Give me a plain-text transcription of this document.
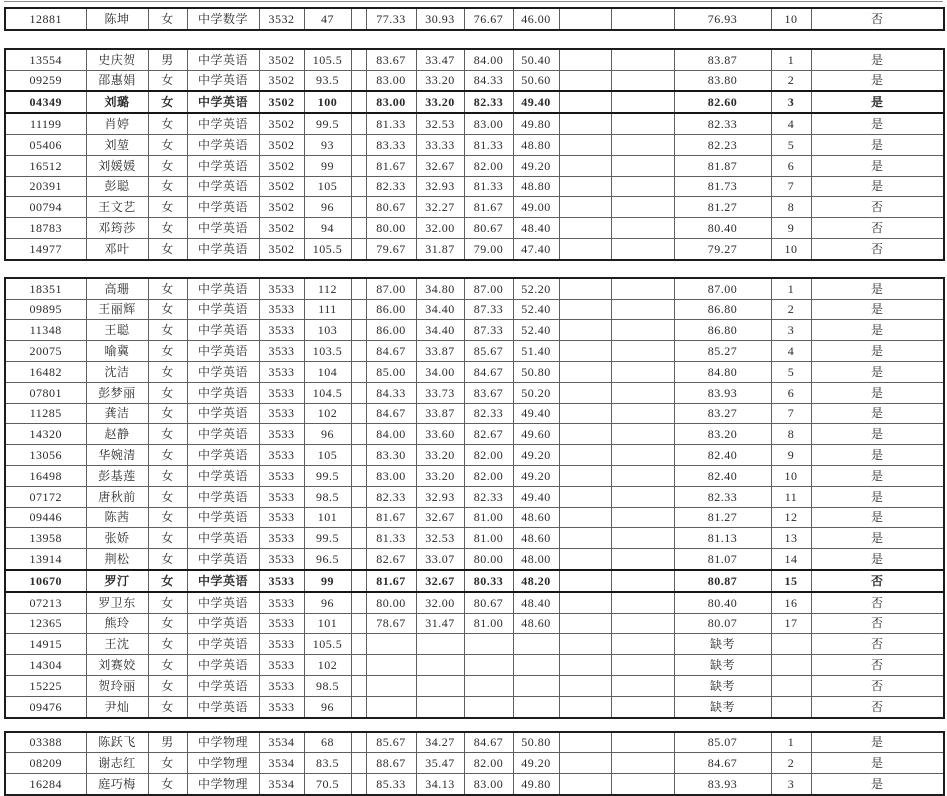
12881	陈坤	女	中学数学	3532	47		77.33	30.93	76.67	46.00			76.93	10	否
13554	史庆贺	男	中学英语	3502	105.5		83.67	33.47	84.00	50.40			83.87	1	是
09259	邵惠娟	女	中学英语	3502	93.5		83.00	33.20	84.33	50.60			83.80	2	是
04349	刘璐	女	中学英语	3502	100		83.00	33.20	82.33	49.40			82.60	3	是
11199	肖婷	女	中学英语	3502	99.5		81.33	32.53	83.00	49.80			82.33	4	是
05406	刘堃	女	中学英语	3502	93		83.33	33.33	81.33	48.80			82.23	5	是
16512	刘媛媛	女	中学英语	3502	99		81.67	32.67	82.00	49.20			81.87	6	是
20391	彭聪	女	中学英语	3502	105		82.33	32.93	81.33	48.80			81.73	7	是
00794	王文艺	女	中学英语	3502	96		80.67	32.27	81.67	49.00			81.27	8	否
18783	邓筠莎	女	中学英语	3502	94		80.00	32.00	80.67	48.40			80.40	9	否
14977	邓叶	女	中学英语	3502	105.5		79.67	31.87	79.00	47.40			79.27	10	否
18351	高珊	女	中学英语	3533	112		87.00	34.80	87.00	52.20			87.00	1	是
09895	王丽辉	女	中学英语	3533	111		86.00	34.40	87.33	52.40			86.80	2	是
11348	王聪	女	中学英语	3533	103		86.00	34.40	87.33	52.40			86.80	3	是
20075	喻冀	女	中学英语	3533	103.5		84.67	33.87	85.67	51.40			85.27	4	是
16482	沈洁	女	中学英语	3533	104		85.00	34.00	84.67	50.80			84.80	5	是
07801	彭梦丽	女	中学英语	3533	104.5		84.33	33.73	83.67	50.20			83.93	6	是
11285	龚洁	女	中学英语	3533	102		84.67	33.87	82.33	49.40			83.27	7	是
14320	赵静	女	中学英语	3533	96		84.00	33.60	82.67	49.60			83.20	8	是
13056	华婉清	女	中学英语	3533	105		83.30	33.20	82.00	49.20			82.40	9	是
16498	彭基莲	女	中学英语	3533	99.5		83.00	33.20	82.00	49.20			82.40	10	是
07172	唐秋前	女	中学英语	3533	98.5		82.33	32.93	82.33	49.40			82.33	11	是
09446	陈茜	女	中学英语	3533	101		81.67	32.67	81.00	48.60			81.27	12	是
13958	张娇	女	中学英语	3533	99.5		81.33	32.53	81.00	48.60			81.13	13	是
13914	荆松	女	中学英语	3533	96.5		82.67	33.07	80.00	48.00			81.07	14	是
10670	罗汀	女	中学英语	3533	99		81.67	32.67	80.33	48.20			80.87	15	否
07213	罗卫东	女	中学英语	3533	96		80.00	32.00	80.67	48.40			80.40	16	否
12365	熊玲	女	中学英语	3533	101		78.67	31.47	81.00	48.60			80.07	17	否
14915	王沈	女	中学英语	3533	105.5								缺考		否
14304	刘赛姣	女	中学英语	3533	102								缺考		否
15225	贺玲丽	女	中学英语	3533	98.5								缺考		否
09476	尹灿	女	中学英语	3533	96								缺考		否
03388	陈跃飞	男	中学物理	3534	68		85.67	34.27	84.67	50.80			85.07	1	是
08209	谢志红	女	中学物理	3534	83.5		88.67	35.47	82.00	49.20			84.67	2	是
16284	庭巧梅	女	中学物理	3534	70.5		85.33	34.13	83.00	49.80			83.93	3	是
